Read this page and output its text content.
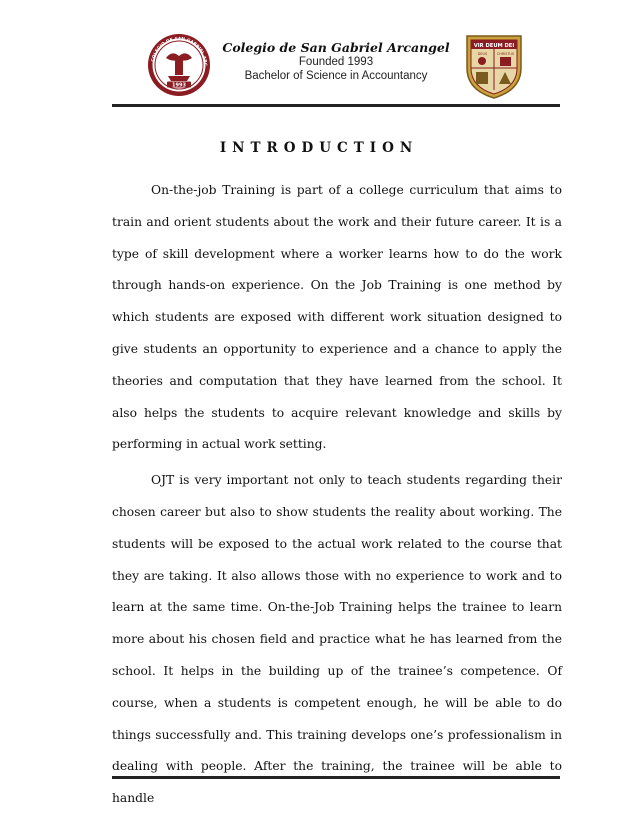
COLEGIO DE SAN GABRIEL ARC
1993
Colegio de San Gabriel Arcangel
Founded 1993
Bachelor of Science in Accountancy
VIR DEUM DEI
DEUS	CHRISTUS
INTRODUCTION

On-the-job Training is part of a college curriculum that aims to train and orient students about the work and their future career. It is a type of skill development where a worker learns how to do the work through hands-on experience. On the Job Training is one method by which students are exposed with different work situation designed to give students an opportunity to experience and a chance to apply the theories and computation that they have learned from the school. It also helps the students to acquire relevant knowledge and skills by performing in actual work setting.

OJT is very important not only to teach students regarding their chosen career but also to show students the reality about working. The students will be exposed to the actual work related to the course that they are taking. It also allows those with no experience to work and to learn at the same time. On-the-Job Training helps the trainee to learn more about his chosen field and practice what he has learned from the school. It helps in the building up of the trainee’s competence. Of course, when a students is competent enough, he will be able to do things successfully and. This training develops one’s professionalism in dealing with people. After the training, the trainee will be able to handle
